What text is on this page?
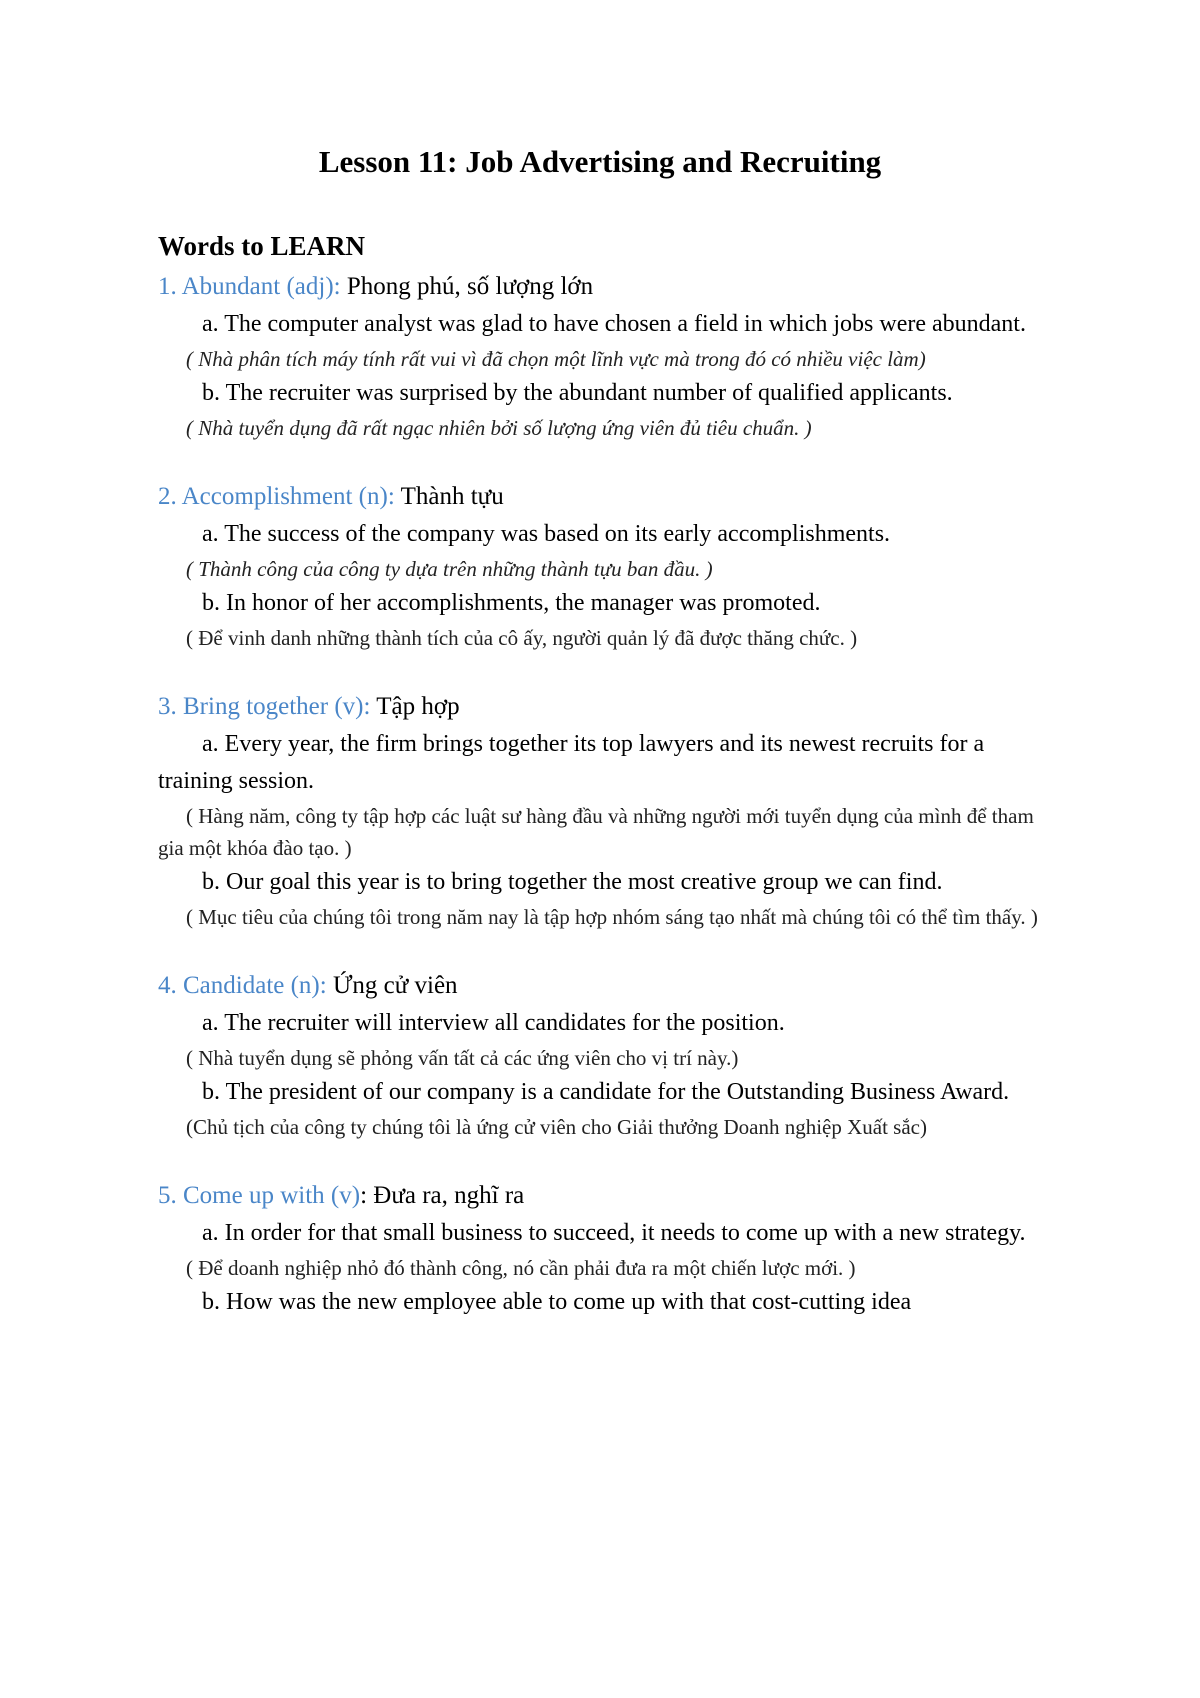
Lesson 11: Job Advertising and Recruiting
Words to LEARN

1. Abundant (adj): Phong phú, số lượng lớn

a. The computer analyst was glad to have chosen a field in which jobs were abundant.

( Nhà phân tích máy tính rất vui vì đã chọn một lĩnh vực mà trong đó có nhiều việc làm)

b. The recruiter was surprised by the abundant number of qualified applicants.

( Nhà tuyển dụng đã rất ngạc nhiên bởi số lượng ứng viên đủ tiêu chuẩn. )

2. Accomplishment (n): Thành tựu

a. The success of the company was based on its early accomplishments.

( Thành công của công ty dựa trên những thành tựu ban đầu. )

b. In honor of her accomplishments, the manager was promoted.

( Để vinh danh những thành tích của cô ấy, người quản lý đã được thăng chức. )

3. Bring together (v): Tập hợp

a. Every year, the firm brings together its top lawyers and its newest recruits for a training session.

( Hàng năm, công ty tập hợp các luật sư hàng đầu và những người mới tuyển dụng của mình để tham gia một khóa đào tạo. )

b. Our goal this year is to bring together the most creative group we can find.

( Mục tiêu của chúng tôi trong năm nay là tập hợp nhóm sáng tạo nhất mà chúng tôi có thể tìm thấy. )

4. Candidate (n): Ứng cử viên

a. The recruiter will interview all candidates for the position.

( Nhà tuyển dụng sẽ phỏng vấn tất cả các ứng viên cho vị trí này.)

b. The president of our company is a candidate for the Outstanding Business Award.

(Chủ tịch của công ty chúng tôi là ứng cử viên cho Giải thưởng Doanh nghiệp Xuất sắc)

5. Come up with (v): Đưa ra, nghĩ ra

a. In order for that small business to succeed, it needs to come up with a new strategy.

( Để doanh nghiệp nhỏ đó thành công, nó cần phải đưa ra một chiến lược mới. )

b. How was the new employee able to come up with that cost-cutting idea
